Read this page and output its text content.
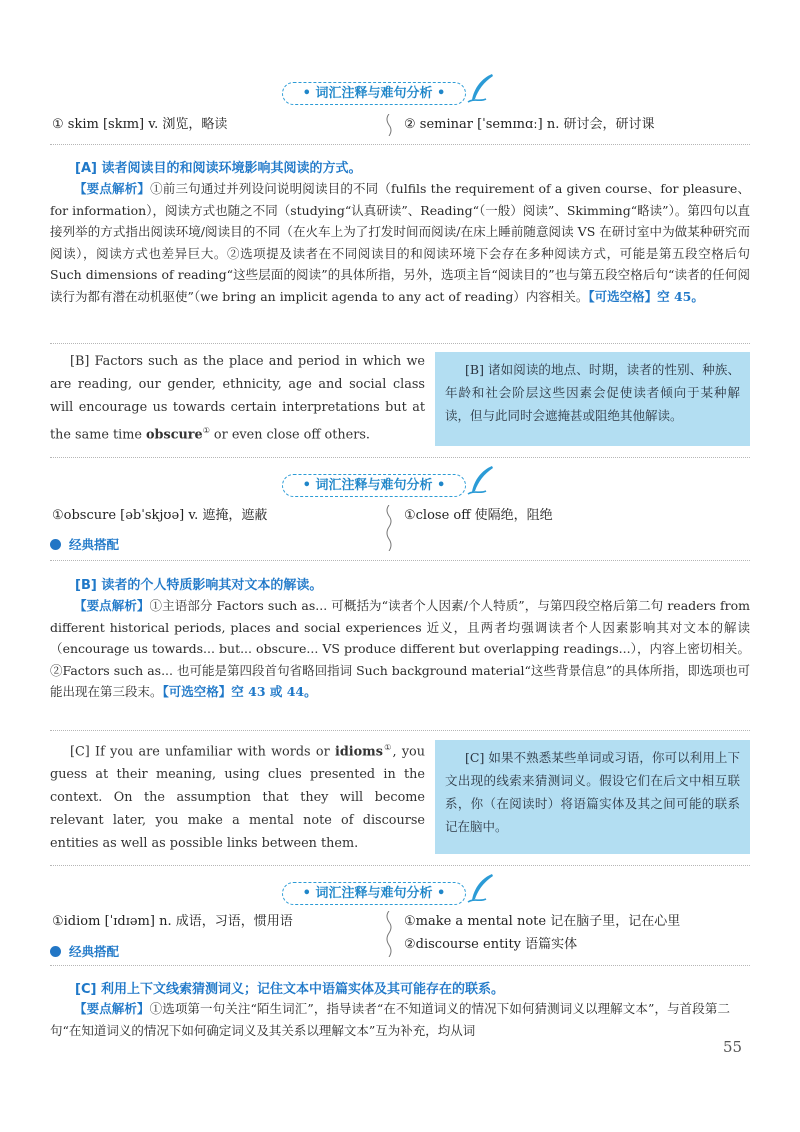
• 词汇注释与难句分析 •
① skim [skɪm] v. 浏览，略读	② seminar [ˈsemɪnɑː] n. 研讨会，研讨课
[A] 读者阅读目的和阅读环境影响其阅读的方式。
【要点解析】①前三句通过并列设问说明阅读目的不同（fulfils the requirement of a given course、for pleasure、for information），阅读方式也随之不同（studying“认真研读”、Reading“（一般）阅读”、Skimming“略读”）。第四句以直接列举的方式指出阅读环境/阅读目的不同（在火车上为了打发时间而阅读/在床上睡前随意阅读 VS 在研讨室中为做某种研究而阅读），阅读方式也差异巨大。②选项提及读者在不同阅读目的和阅读环境下会存在多种阅读方式，可能是第五段空格后句 Such dimensions of reading“这些层面的阅读”的具体所指，另外，选项主旨“阅读目的”也与第五段空格后句“读者的任何阅读行为都有潜在动机驱使”（we bring an implicit agenda to any act of reading）内容相关。【可选空格】空 45。
[B] Factors such as the place and period in which we are reading, our gender, ethnicity, age and social class will encourage us towards certain interpretations but at the same time obscure① or even close off others.
[B] 诸如阅读的地点、时期，读者的性别、种族、年龄和社会阶层这些因素会促使读者倾向于某种解读，但与此同时会遮掩甚或阻绝其他解读。
• 词汇注释与难句分析 •
①obscure [əbˈskjʊə] v. 遮掩，遮蔽	①close off 使隔绝，阻绝
经典搭配
[B] 读者的个人特质影响其对文本的解读。
【要点解析】①主语部分 Factors such as... 可概括为“读者个人因素/个人特质”，与第四段空格后第二句 readers from different historical periods, places and social experiences 近义，且两者均强调读者个人因素影响其对文本的解读（encourage us towards... but... obscure... VS produce different but overlapping readings...），内容上密切相关。②Factors such as... 也可能是第四段首句省略回指词 Such background material“这些背景信息”的具体所指，即选项也可能出现在第三段末。【可选空格】空 43 或 44。
[C] If you are unfamiliar with words or idioms①, you guess at their meaning, using clues presented in the context. On the assumption that they will become relevant later, you make a mental note of discourse entities as well as possible links between them.
[C] 如果不熟悉某些单词或习语，你可以利用上下文出现的线索来猜测词义。假设它们在后文中相互联系，你（在阅读时）将语篇实体及其之间可能的联系记在脑中。
• 词汇注释与难句分析 •
①idiom [ˈɪdɪəm] n. 成语，习语，惯用语	①make a mental note 记在脑子里，记在心里
②discourse entity 语篇实体
经典搭配
[C] 利用上下文线索猜测词义；记住文本中语篇实体及其可能存在的联系。
【要点解析】①选项第一句关注“陌生词汇”，指导读者“在不知道词义的情况下如何猜测词义以理解文本”，与首段第二句“在知道词义的情况下如何确定词义及其关系以理解文本”互为补充，均从词
55
